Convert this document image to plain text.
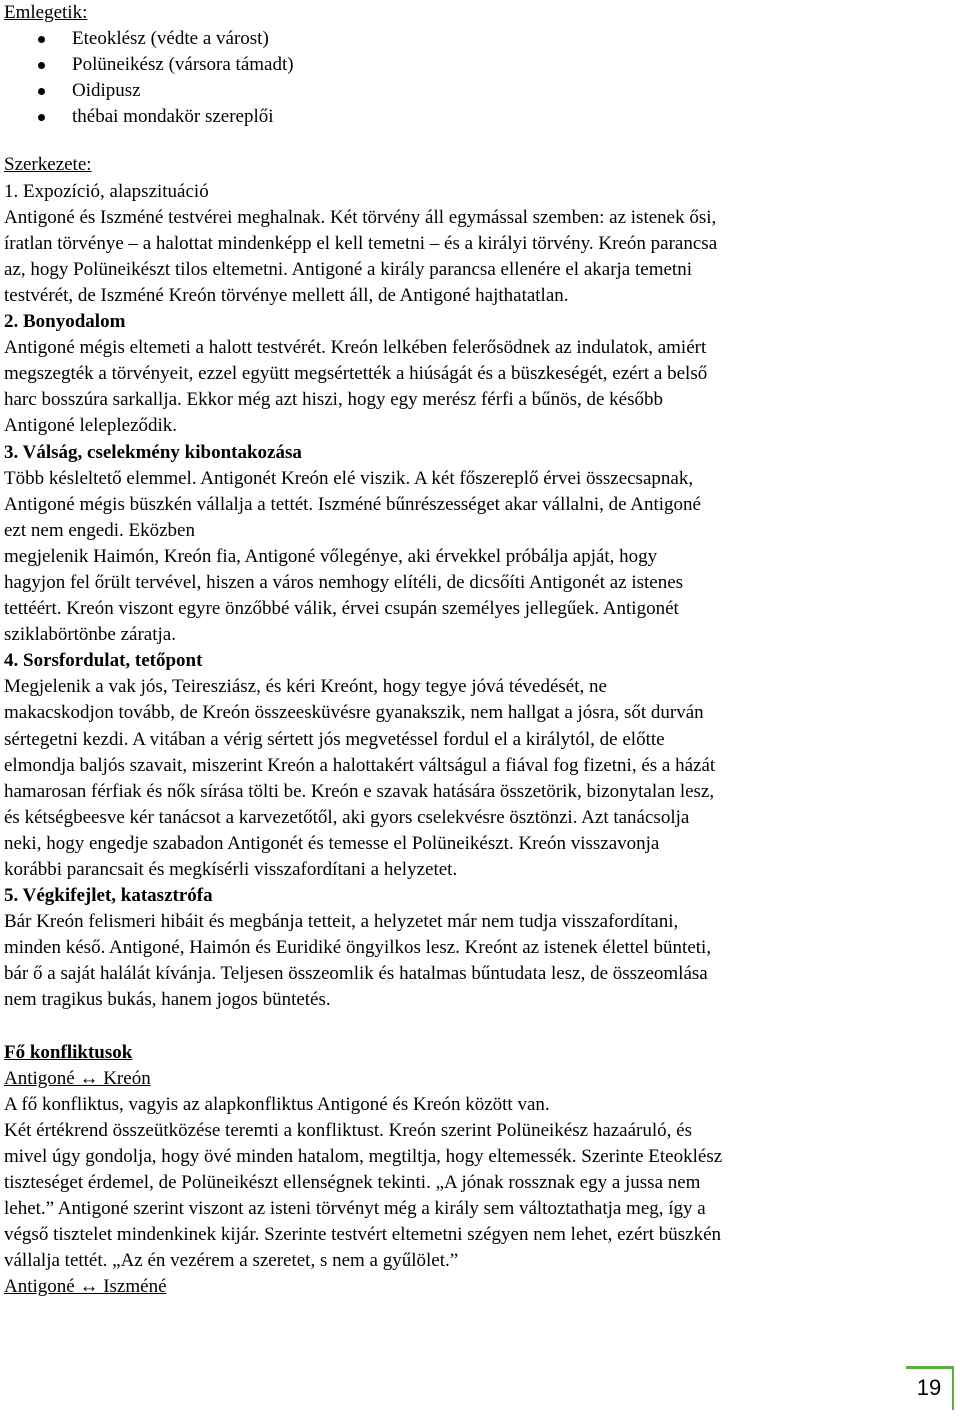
Emlegetik:
Eteoklész (védte a várost)
Polüneikész (vársora támadt)
Oidipusz
thébai mondakör szereplői
Szerkezete:
1. Expozíció, alapszituáció
Antigoné és Iszméné testvérei meghalnak. Két törvény áll egymással szemben: az istenek ősi,
íratlan törvénye – a halottat mindenképp el kell temetni – és a királyi törvény. Kreón parancsa
az, hogy Polüneikészt tilos eltemetni. Antigoné a király parancsa ellenére el akarja temetni
testvérét, de Iszméné Kreón törvénye mellett áll, de Antigoné hajthatatlan.
2. Bonyodalom
Antigoné mégis eltemeti a halott testvérét. Kreón lelkében felerősödnek az indulatok, amiért
megszegték a törvényeit, ezzel együtt megsértették a hiúságát és a büszkeségét, ezért a belső
harc bosszúra sarkallja. Ekkor még azt hiszi, hogy egy merész férfi a bűnös, de később
Antigoné lelepleződik.
3. Válság, cselekmény kibontakozása
Több késleltető elemmel. Antigonét Kreón elé viszik. A két főszereplő érvei összecsapnak,
Antigoné mégis büszkén vállalja a tettét. Iszméné bűnrészességet akar vállalni, de Antigoné
ezt nem engedi. Eközben
megjelenik Haimón, Kreón fia, Antigoné vőlegénye, aki érvekkel próbálja apját, hogy
hagyjon fel őrült tervével, hiszen a város nemhogy elítéli, de dicsőíti Antigonét az istenes
tettéért. Kreón viszont egyre önzőbbé válik, érvei csupán személyes jellegűek. Antigonét
sziklabörtönbe záratja.
4. Sorsfordulat, tetőpont
Megjelenik a vak jós, Teiresziász, és kéri Kreónt, hogy tegye jóvá tévedését, ne
makacskodjon tovább, de Kreón összeesküvésre gyanakszik, nem hallgat a jósra, sőt durván
sértegetni kezdi. A vitában a vérig sértett jós megvetéssel fordul el a királytól, de előtte
elmondja baljós szavait, miszerint Kreón a halottakért váltságul a fiával fog fizetni, és a házát
hamarosan férfiak és nők sírása tölti be. Kreón e szavak hatására összetörik, bizonytalan lesz,
és kétségbeesve kér tanácsot a karvezetőtől, aki gyors cselekvésre ösztönzi. Azt tanácsolja
neki, hogy engedje szabadon Antigonét és temesse el Polüneikészt. Kreón visszavonja
korábbi parancsait és megkísérli visszafordítani a helyzetet.
5. Végkifejlet, katasztrófa
Bár Kreón felismeri hibáit és megbánja tetteit, a helyzetet már nem tudja visszafordítani,
minden késő. Antigoné, Haimón és Euridiké öngyilkos lesz. Kreónt az istenek élettel bünteti,
bár ő a saját halálát kívánja. Teljesen összeomlik és hatalmas bűntudata lesz, de összeomlása
nem tragikus bukás, hanem jogos büntetés.
Fő konfliktusok
Antigoné ↔ Kreón
A fő konfliktus, vagyis az alapkonfliktus Antigoné és Kreón között van.
Két értékrend összeütközése teremti a konfliktust. Kreón szerint Polüneikész hazaáruló, és
mivel úgy gondolja, hogy övé minden hatalom, megtiltja, hogy eltemessék. Szerinte Eteoklész
tiszteséget érdemel, de Polüneikészt ellenségnek tekinti. „A jónak rossznak egy a jussa nem
lehet.” Antigoné szerint viszont az isteni törvényt még a király sem változtathatja meg, így a
végső tisztelet mindenkinek kijár. Szerinte testvért eltemetni szégyen nem lehet, ezért büszkén
vállalja tettét. „Az én vezérem a szeretet, s nem a gyűlölet.”
Antigoné ↔ Iszméné
19
